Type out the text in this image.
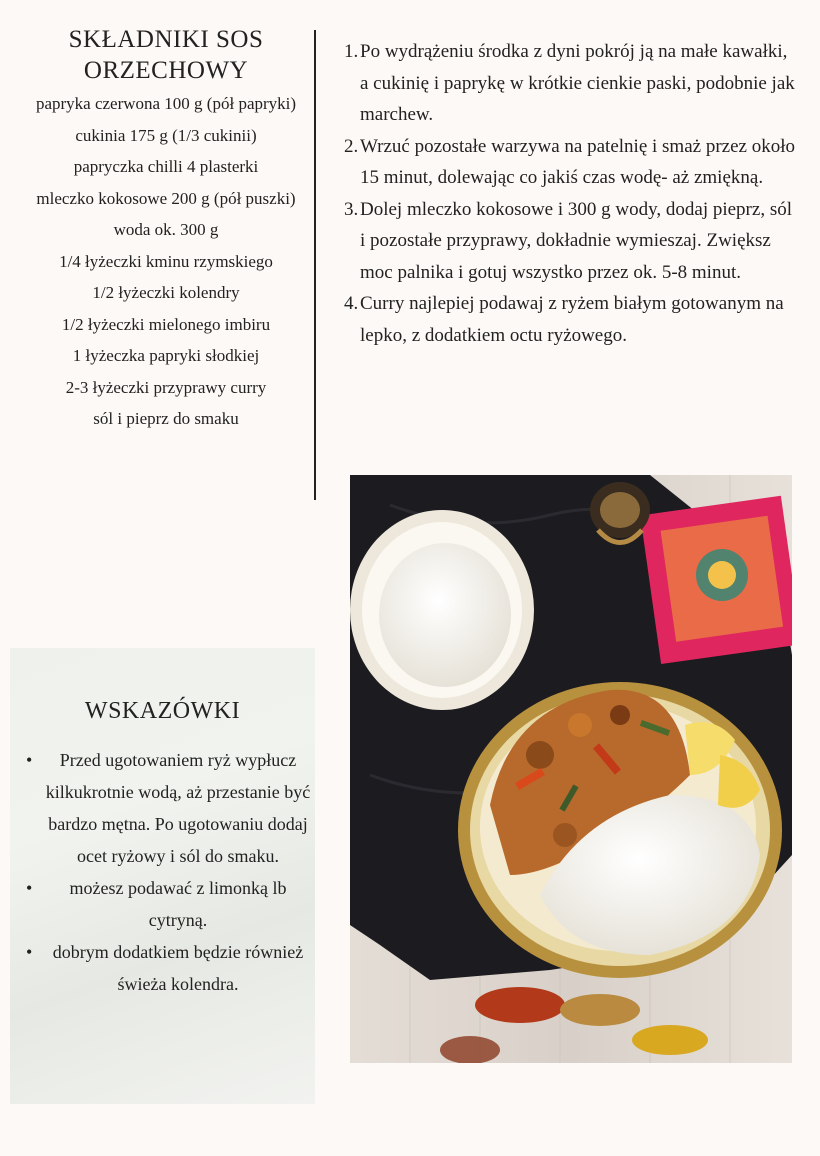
SKŁADNIKI SOS ORZECHOWY
papryka czerwona 100 g (pół papryki)
cukinia 175 g (1/3 cukinii)
papryczka chilli 4 plasterki
mleczko kokosowe 200 g (pół puszki)
woda ok. 300 g
1/4 łyżeczki kminu rzymskiego
1/2 łyżeczki kolendry
1/2 łyżeczki mielonego imbiru
1 łyżeczka papryki słodkiej
2-3 łyżeczki przyprawy curry
sól i pieprz do smaku
1. Po wydrążeniu środka z dyni pokrój ją na małe kawałki, a cukinię i paprykę w krótkie cienkie paski, podobnie jak marchew.
2. Wrzuć pozostałe warzywa na patelnię i smaż przez około 15 minut, dolewając co jakiś czas wodę- aż zmiękną.
3. Dolej mleczko kokosowe i 300 g wody, dodaj pieprz, sól i pozostałe przyprawy, dokładnie wymieszaj. Zwiększ moc palnika i gotuj wszystko przez ok. 5-8 minut.
4. Curry najlepiej podawaj z ryżem białym gotowanym na lepko, z dodatkiem octu ryżowego.
WSKAZÓWKI
• Przed ugotowaniem ryż wypłucz kilkukrotnie wodą, aż przestanie być bardzo mętna. Po ugotowaniu dodaj ocet ryżowy i sól do smaku.
• możesz podawać z limonką lb cytryną.
• dobrym dodatkiem będzie również świeża kolendra.
